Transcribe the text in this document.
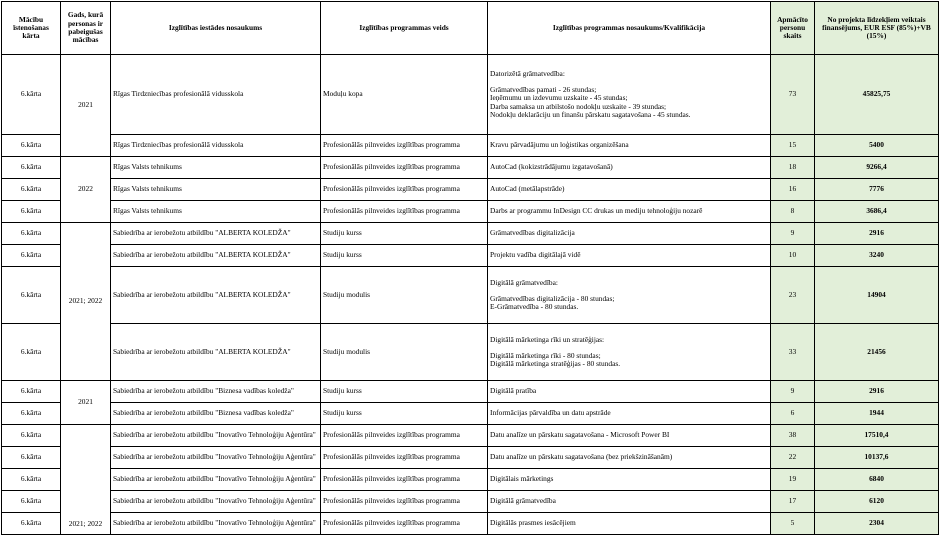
Mācību īstenošanas kārta	Gads, kurā personas ir pabeigušas mācības	Izglītības iestādes nosaukums	Izglītības programmas veids	Izglītības programmas nosaukums/Kvalifikācija	Apmācīto personu skaits	No projekta līdzekļiem veiktais finansējums, EUR ESF (85%)+VB (15%)
6.kārta	2021	Rīgas Tirdzniecības profesionālā vidusskola	Moduļu kopa	Datorizētā grāmatvedība:
Grāmatvedības pamati - 26 stundas;
Ieņēmumu un izdevumu uzskaite - 45 stundas;
Darba samaksa un atbilstošo nodokļu uzskaite - 39 stundas;
Nodokļu deklarāciju un finanšu pārskatu sagatavošana - 45 stundas.	73	45825,75
6.kārta		Rīgas Tirdzniecības profesionālā vidusskola	Profesionālās pilnveides izglītības programma	Kravu pārvadājumu un loģistikas organizēšana	15	5400
6.kārta	2022	Rīgas Valsts tehnikums	Profesionālās pilnveides izglītības programma	AutoCad (kokizstrādājumu izgatavošanā)	18	9266,4
6.kārta		Rīgas Valsts tehnikums	Profesionālās pilnveides izglītības programma	AutoCad (metālapstrāde)	16	7776
6.kārta		Rīgas Valsts tehnikums	Profesionālās pilnveides izglītības programma	Darbs ar programmu InDesign CC drukas un mediju tehnoloģiju nozarē	8	3686,4
6.kārta	2021; 2022	Sabiedrība ar ierobežotu atbildību "ALBERTA KOLEDŽA"	Studiju kurss	Grāmatvedības digitalizācija	9	2916
6.kārta		Sabiedrība ar ierobežotu atbildību "ALBERTA KOLEDŽA"	Studiju kurss	Projektu vadība digitālajā vidē	10	3240
6.kārta		Sabiedrība ar ierobežotu atbildību "ALBERTA KOLEDŽA"	Studiju modulis	Digitālā grāmatvedība:
Grāmatvedības digitalizācija - 80 stundas;
E-Grāmatvedība - 80 stundas.	23	14904
6.kārta		Sabiedrība ar ierobežotu atbildību "ALBERTA KOLEDŽA"	Studiju modulis	Digitālā mārketinga rīki un stratēģijas:
Digitālā mārketinga rīki - 80 stundas;
Digitālā mārketinga stratēģijas - 80 stundas.	33	21456
6.kārta	2021	Sabiedrība ar ierobežotu atbildību "Biznesa vadības koledža"	Studiju kurss	Digitālā pratība	9	2916
6.kārta		Sabiedrība ar ierobežotu atbildību "Biznesa vadības koledža"	Studiju kurss	Informācijas pārvaldība un datu apstrāde	6	1944
6.kārta	2021; 2022	Sabiedrība ar ierobežotu atbildību "Inovatīvo Tehnoloģiju Aģentūra"	Profesionālās pilnveides izglītības programma	Datu analīze un pārskatu sagatavošana - Microsoft Power BI	38	17510,4
6.kārta		Sabiedrība ar ierobežotu atbildību "Inovatīvo Tehnoloģiju Aģentūra"	Profesionālās pilnveides izglītības programma	Datu analīze un pārskatu sagatavošana (bez priekšzināšanām)	22	10137,6
6.kārta		Sabiedrība ar ierobežotu atbildību "Inovatīvo Tehnoloģiju Aģentūra"	Profesionālās pilnveides izglītības programma	Digitālais mārketings	19	6840
6.kārta		Sabiedrība ar ierobežotu atbildību "Inovatīvo Tehnoloģiju Aģentūra"	Profesionālās pilnveides izglītības programma	Digitālā grāmatvedība	17	6120
6.kārta		Sabiedrība ar ierobežotu atbildību "Inovatīvo Tehnoloģiju Aģentūra"	Profesionālās pilnveides izglītības programma	Digitālās prasmes iesācējiem	5	2304
